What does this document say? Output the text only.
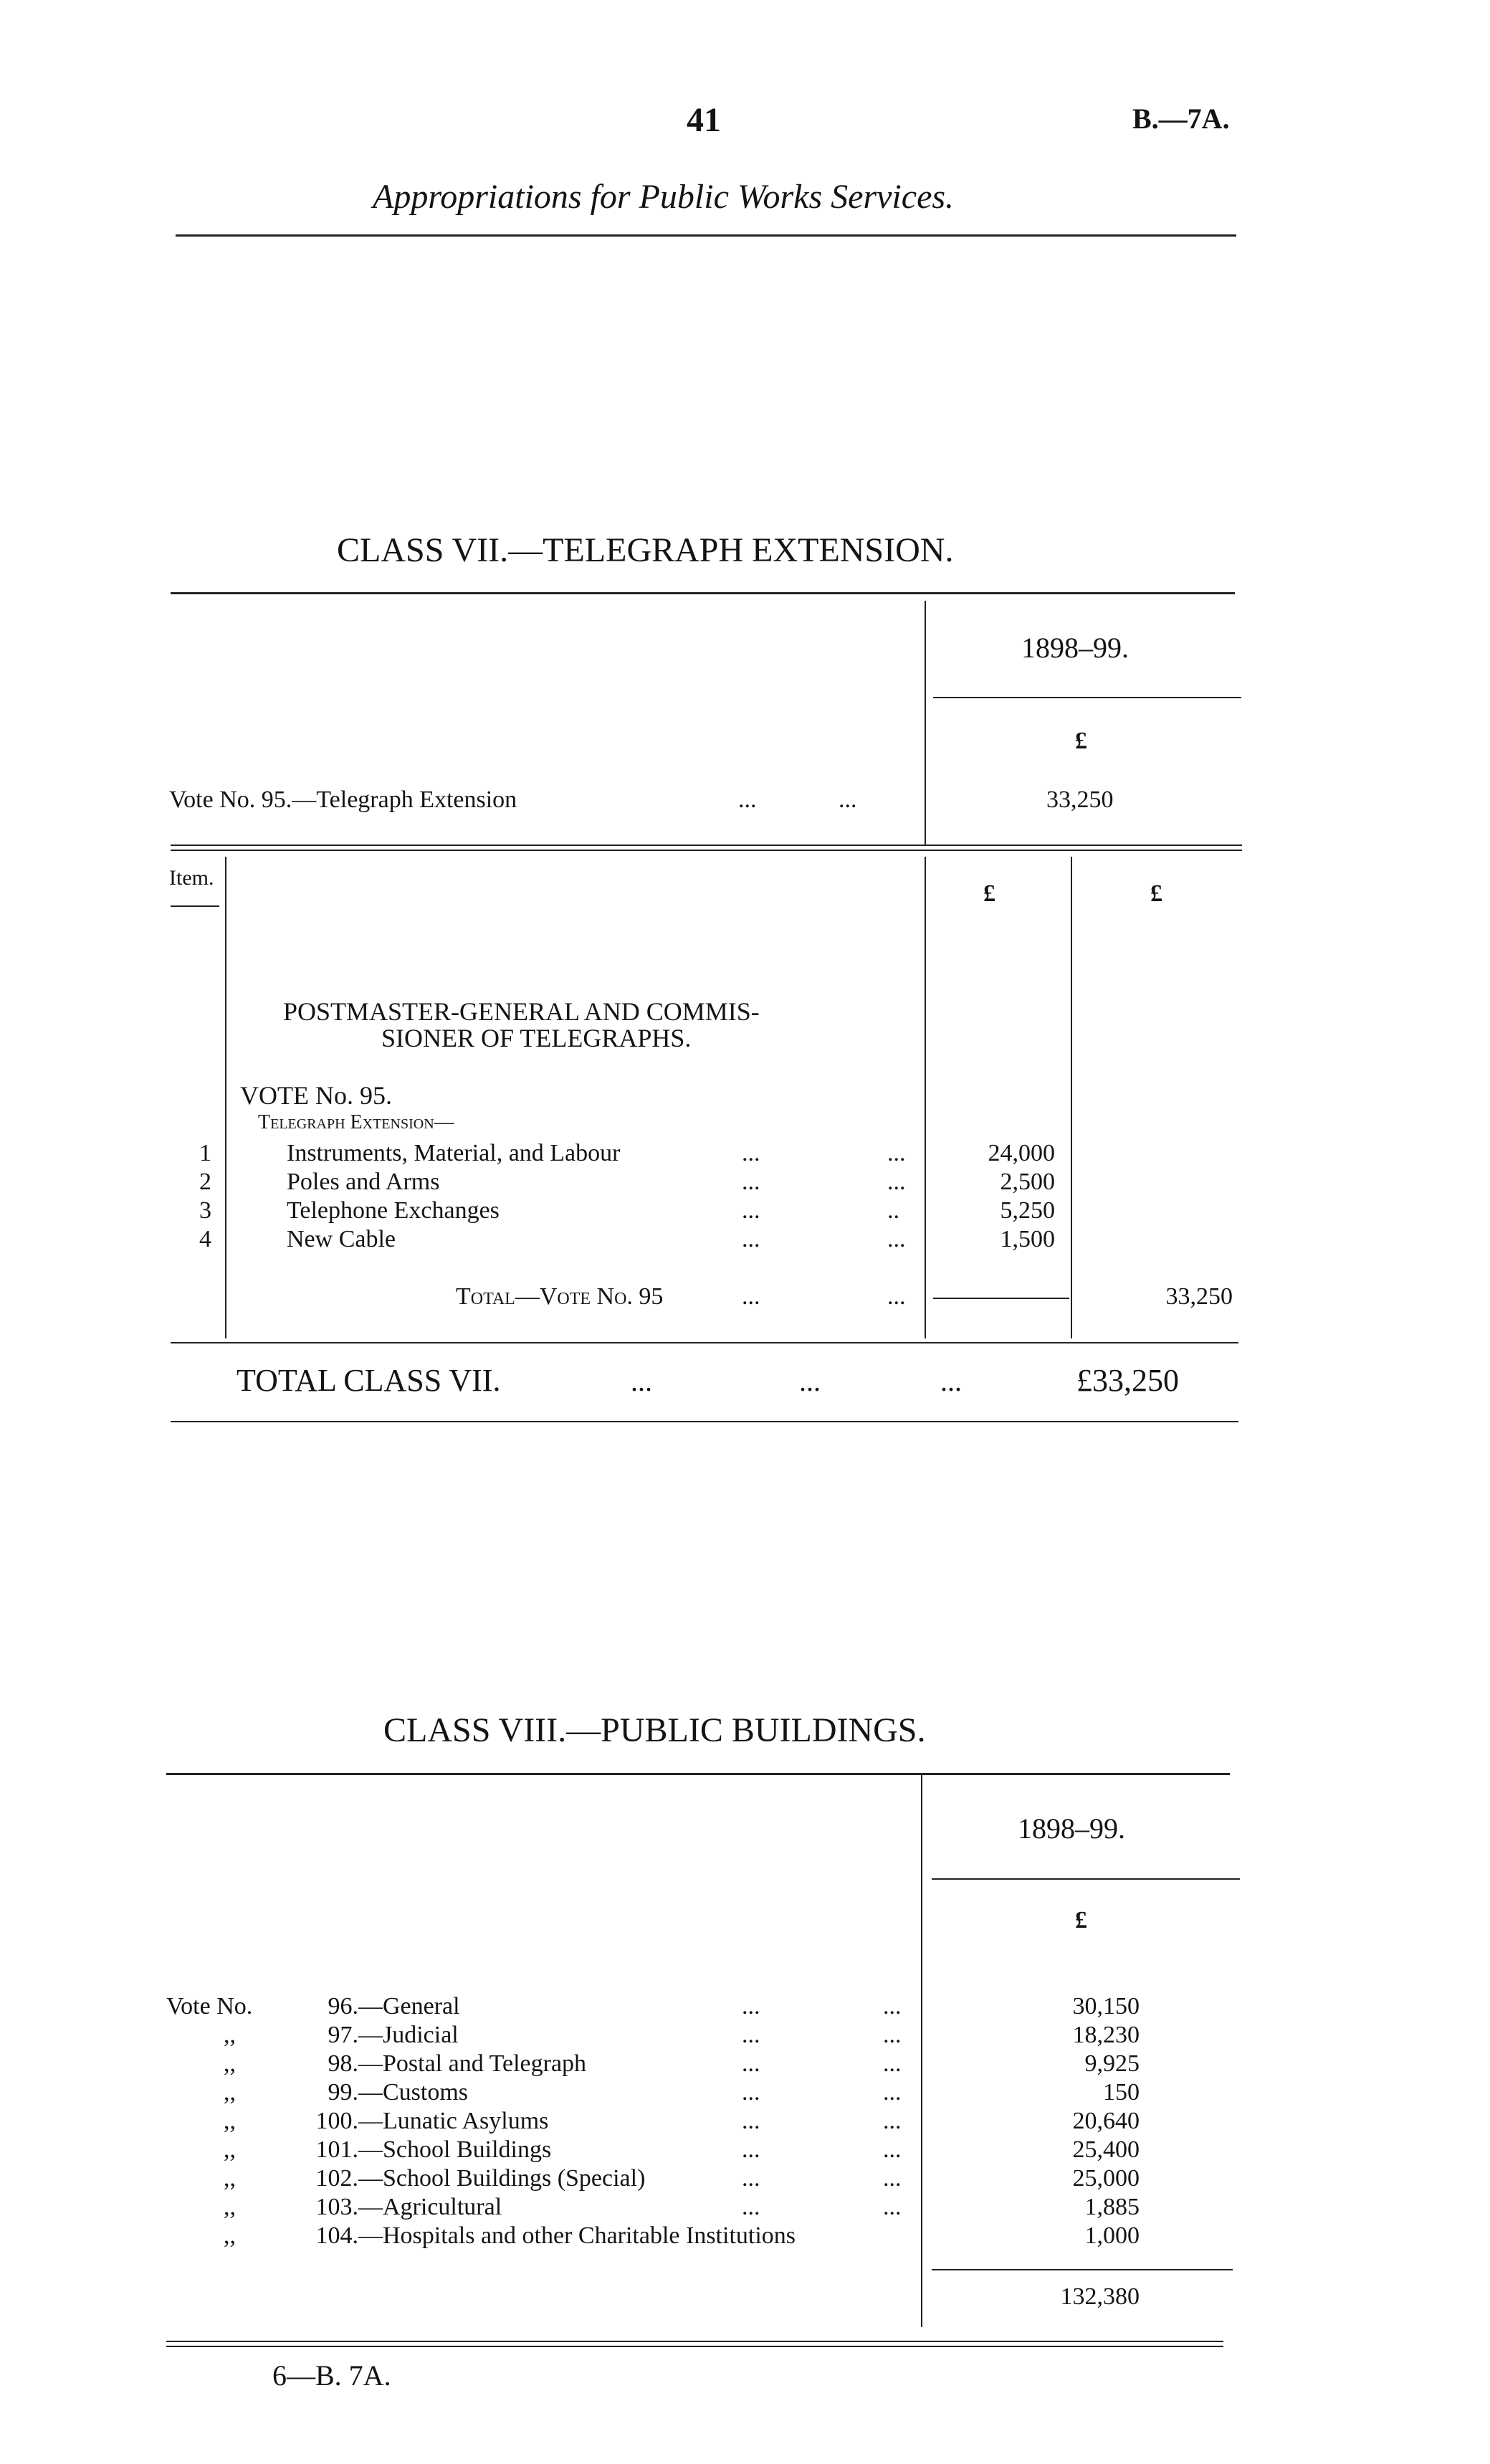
41	B.—7A.
Appropriations for Public Works Services.
CLASS VII.—TELEGRAPH EXTENSION.
1898–99.
£
Vote No. 95.—Telegraph Extension	...	...	33,250
Item.
£	£
POSTMASTER-GENERAL AND COMMIS-
SIONER OF TELEGRAPHS.
VOTE No. 95.
Telegraph Extension—
1	Instruments, Material, and Labour	...	...	24,000
2	Poles and Arms	...	...	2,500
3	Telephone Exchanges	...	..	5,250
4	New Cable	...	...	1,500
Total—Vote No. 95	...	...	33,250
TOTAL CLASS VII.	...	...	...	£33,250
CLASS VIII.—PUBLIC BUILDINGS.
1898–99.
£
Vote No.	96. —General	...	...	30,150
,,	97. —Judicial	...	...	18,230
,,	98. —Postal and Telegraph	...	...	9,925
,,	99. —Customs	...	...	150
,,	100. —Lunatic Asylums	...	...	20,640
,,	101. —School Buildings	...	...	25,400
,,	102. —School Buildings (Special)	...	...	25,000
,,	103. —Agricultural	...	...	1,885
,,	104. —Hospitals and other Charitable Institutions	1,000
132,380
6—B. 7A.
